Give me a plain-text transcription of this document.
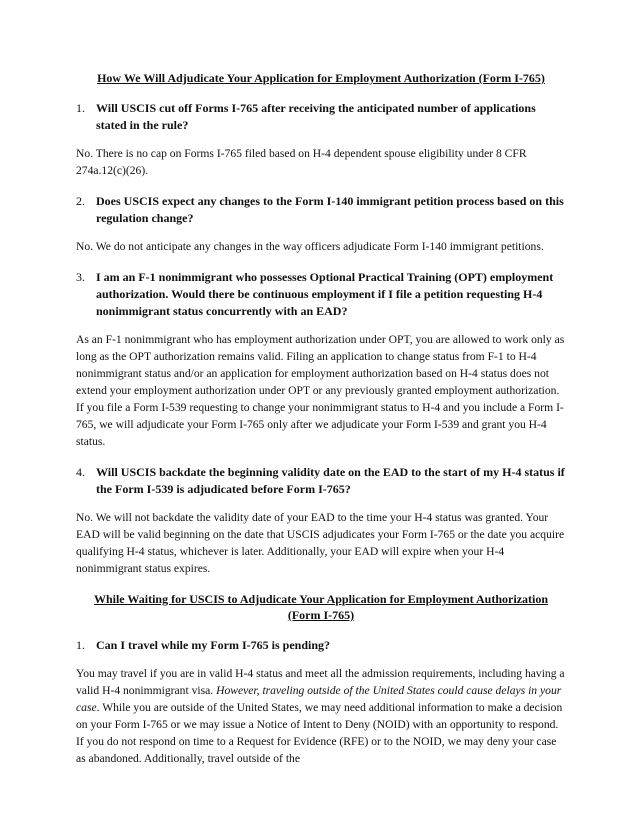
How We Will Adjudicate Your Application for Employment Authorization (Form I-765)
1. Will USCIS cut off Forms I-765 after receiving the anticipated number of applications stated in the rule?
No. There is no cap on Forms I-765 filed based on H-4 dependent spouse eligibility under 8 CFR 274a.12(c)(26).
2. Does USCIS expect any changes to the Form I-140 immigrant petition process based on this regulation change?
No. We do not anticipate any changes in the way officers adjudicate Form I-140 immigrant petitions.
3. I am an F-1 nonimmigrant who possesses Optional Practical Training (OPT) employment authorization. Would there be continuous employment if I file a petition requesting H-4 nonimmigrant status concurrently with an EAD?
As an F-1 nonimmigrant who has employment authorization under OPT, you are allowed to work only as long as the OPT authorization remains valid. Filing an application to change status from F-1 to H-4 nonimmigrant status and/or an application for employment authorization based on H-4 status does not extend your employment authorization under OPT or any previously granted employment authorization. If you file a Form I-539 requesting to change your nonimmigrant status to H-4 and you include a Form I-765, we will adjudicate your Form I-765 only after we adjudicate your Form I-539 and grant you H-4 status.
4. Will USCIS backdate the beginning validity date on the EAD to the start of my H-4 status if the Form I-539 is adjudicated before Form I-765?
No. We will not backdate the validity date of your EAD to the time your H-4 status was granted. Your EAD will be valid beginning on the date that USCIS adjudicates your Form I-765 or the date you acquire qualifying H-4 status, whichever is later. Additionally, your EAD will expire when your H-4 nonimmigrant status expires.
While Waiting for USCIS to Adjudicate Your Application for Employment Authorization (Form I-765)
1. Can I travel while my Form I-765 is pending?
You may travel if you are in valid H-4 status and meet all the admission requirements, including having a valid H-4 nonimmigrant visa. However, traveling outside of the United States could cause delays in your case. While you are outside of the United States, we may need additional information to make a decision on your Form I-765 or we may issue a Notice of Intent to Deny (NOID) with an opportunity to respond. If you do not respond on time to a Request for Evidence (RFE) or to the NOID, we may deny your case as abandoned. Additionally, travel outside of the
